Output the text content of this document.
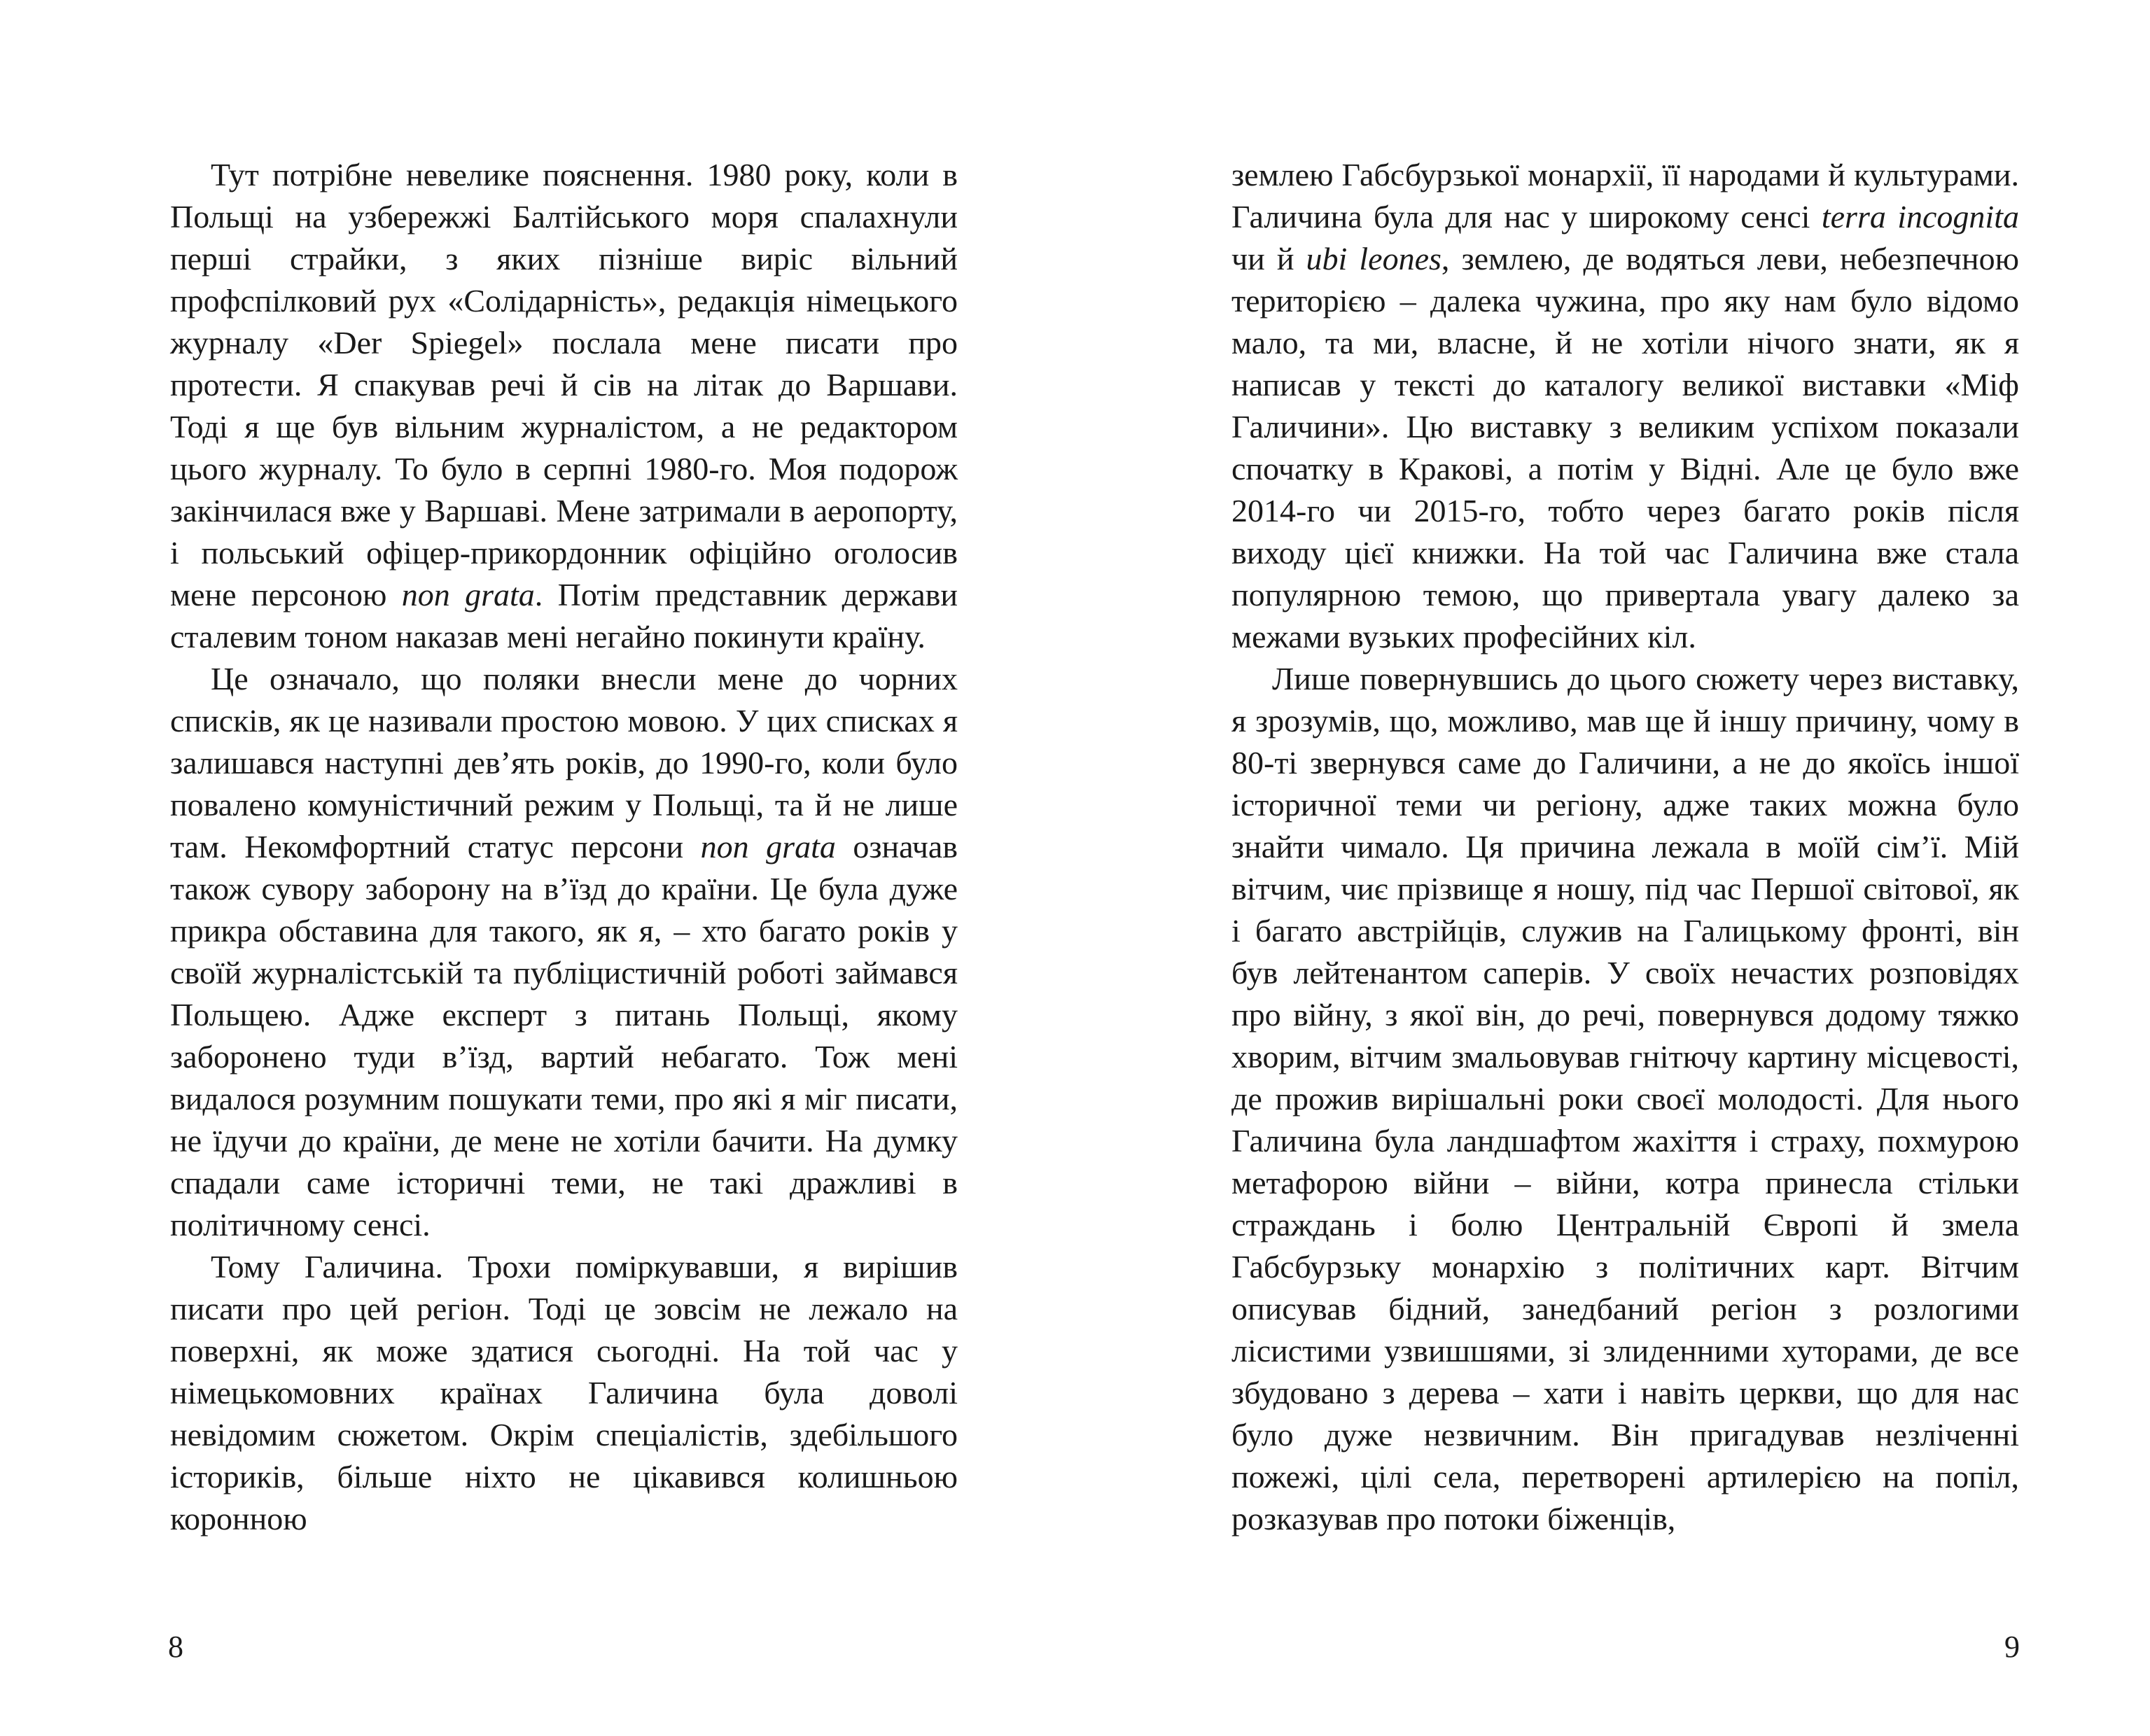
Тут потрібне невелике пояснення. 1980 року, коли в Польщі на узбережжі Балтійського моря спалахнули перші страйки, з яких пізніше виріс вільний профспілковий рух «Солідарність», редакція німецького журналу «Der Spiegel» послала мене писати про протести. Я спакував речі й сів на літак до Варшави. Тоді я ще був вільним журналістом, а не редактором цього журналу. То було в серпні 1980-го. Моя подорож закінчилася вже у Варшаві. Мене затримали в аеропорту, і польський офіцер-прикордонник офіційно оголосив мене персоною non grata. Потім представник держави сталевим тоном наказав мені негайно покинути країну.

Це означало, що поляки внесли мене до чорних списків, як це називали простою мовою. У цих списках я залишався наступні дев’ять років, до 1990-го, коли було повалено комуністичний режим у Польщі, та й не лише там. Некомфортний статус персони non grata означав також сувору заборону на в’їзд до країни. Це була дуже прикра обставина для такого, як я, – хто багато років у своїй журналістській та публіцистичній роботі займався Польщею. Адже експерт з питань Польщі, якому заборонено туди в’їзд, вартий небагато. Тож мені видалося розумним пошукати теми, про які я міг писати, не їдучи до країни, де мене не хотіли бачити. На думку спадали саме історичні теми, не такі дражливі в політичному сенсі.

Тому Галичина. Трохи поміркувавши, я вирішив писати про цей регіон. Тоді це зовсім не лежало на поверхні, як може здатися сьогодні. На той час у німецькомовних країнах Галичина була доволі невідомим сюжетом. Окрім спеціалістів, здебільшого істориків, більше ніхто не цікавився колишньою коронною

8

землею Габсбурзької монархії, її народами й культурами. Галичина була для нас у широкому сенсі terra incognita чи й ubi leones, землею, де водяться леви, небезпечною територією – далека чужина, про яку нам було відомо мало, та ми, власне, й не хотіли нічого знати, як я написав у тексті до каталогу великої виставки «Міф Галичини». Цю виставку з великим успіхом показали спочатку в Кракові, а потім у Відні. Але це було вже 2014-го чи 2015-го, тобто через багато років після виходу цієї книжки. На той час Галичина вже стала популярною темою, що привертала увагу далеко за межами вузьких професійних кіл.

Лише повернувшись до цього сюжету через виставку, я зрозумів, що, можливо, мав ще й іншу причину, чому в 80-ті звернувся саме до Галичини, а не до якоїсь іншої історичної теми чи регіону, адже таких можна було знайти чимало. Ця причина лежала в моїй сім’ї. Мій вітчим, чиє прізвище я ношу, під час Першої світової, як і багато австрійців, служив на Галицькому фронті, він був лейтенантом саперів. У своїх нечастих розповідях про війну, з якої він, до речі, повернувся додому тяжко хворим, вітчим змальовував гнітючу картину місцевості, де прожив вирішальні роки своєї молодості. Для нього Галичина була ландшафтом жахіття і страху, похмурою метафорою війни – війни, котра принесла стільки страждань і болю Центральній Європі й змела Габсбурзьку монархію з політичних карт. Вітчим описував бідний, занедбаний регіон з розлогими лісистими узвишшями, зі злиденними хуторами, де все збудовано з дерева – хати і навіть церкви, що для нас було дуже незвичним. Він пригадував незліченні пожежі, цілі села, перетворені артилерією на попіл, розказував про потоки біженців,

9
